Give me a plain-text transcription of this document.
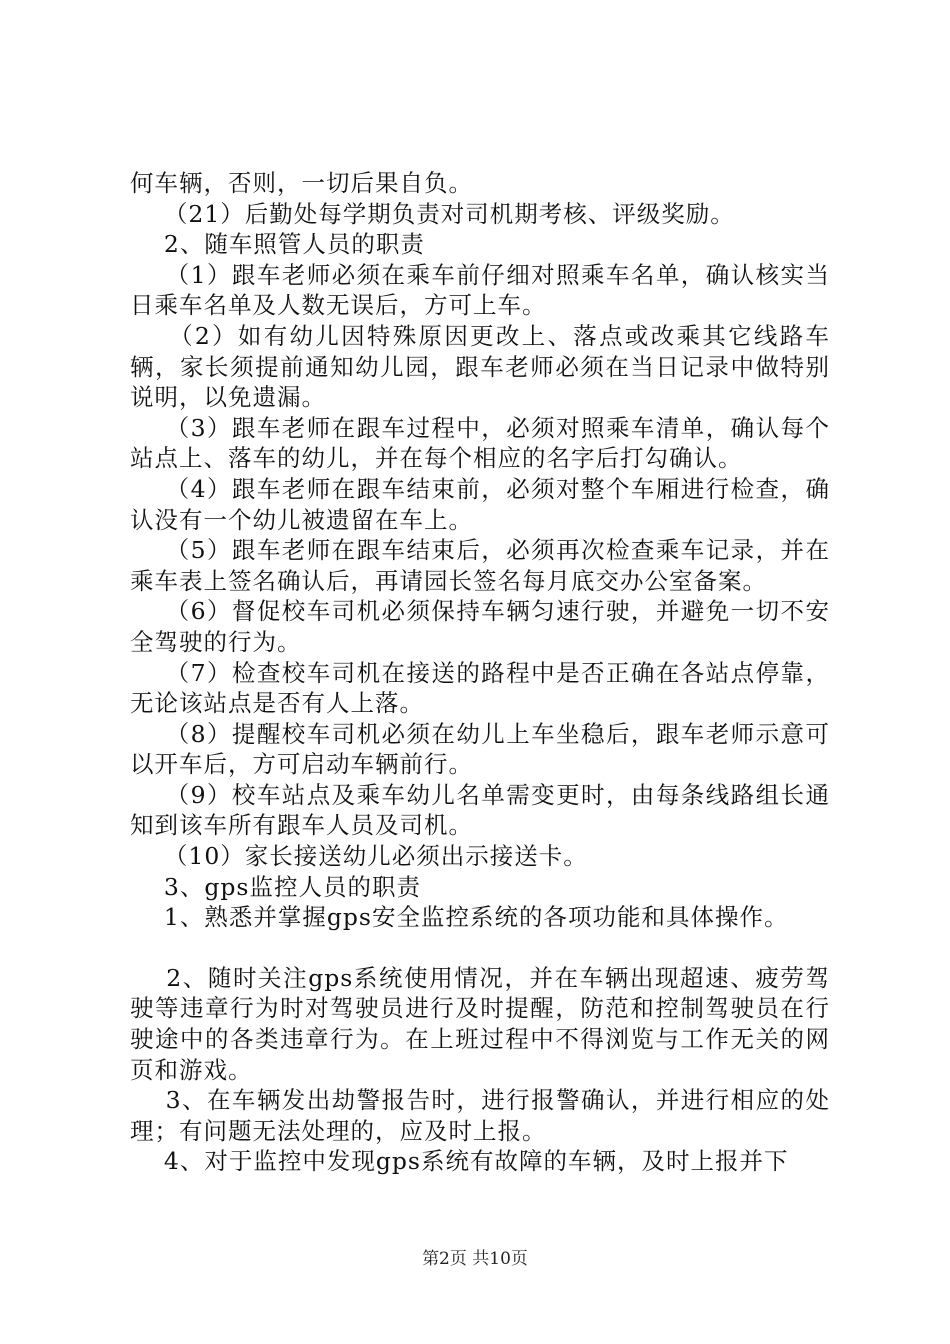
何车辆，否则，一切后果自负。

（21）后勤处每学期负责对司机期考核、评级奖励。

2、随车照管人员的职责

（1）跟车老师必须在乘车前仔细对照乘车名单，确认核实当日乘车名单及人数无误后，方可上车。

（2）如有幼儿因特殊原因更改上、落点或改乘其它线路车辆，家长须提前通知幼儿园，跟车老师必须在当日记录中做特别说明，以免遗漏。

（3）跟车老师在跟车过程中，必须对照乘车清单，确认每个站点上、落车的幼儿，并在每个相应的名字后打勾确认。

（4）跟车老师在跟车结束前，必须对整个车厢进行检查，确认没有一个幼儿被遗留在车上。

（5）跟车老师在跟车结束后，必须再次检查乘车记录，并在乘车表上签名确认后，再请园长签名每月底交办公室备案。

（6）督促校车司机必须保持车辆匀速行驶，并避免一切不安全驾驶的行为。

（7）检查校车司机在接送的路程中是否正确在各站点停靠，无论该站点是否有人上落。

（8）提醒校车司机必须在幼儿上车坐稳后，跟车老师示意可以开车后，方可启动车辆前行。

（9）校车站点及乘车幼儿名单需变更时，由每条线路组长通知到该车所有跟车人员及司机。

（10）家长接送幼儿必须出示接送卡。

3、gps监控人员的职责

1、熟悉并掌握gps安全监控系统的各项功能和具体操作。

2、随时关注gps系统使用情况，并在车辆出现超速、疲劳驾驶等违章行为时对驾驶员进行及时提醒，防范和控制驾驶员在行驶途中的各类违章行为。在上班过程中不得浏览与工作无关的网页和游戏。

3、在车辆发出劫警报告时，进行报警确认，并进行相应的处理；有问题无法处理的，应及时上报。

4、对于监控中发现gps系统有故障的车辆，及时上报并下

第2页 共10页
